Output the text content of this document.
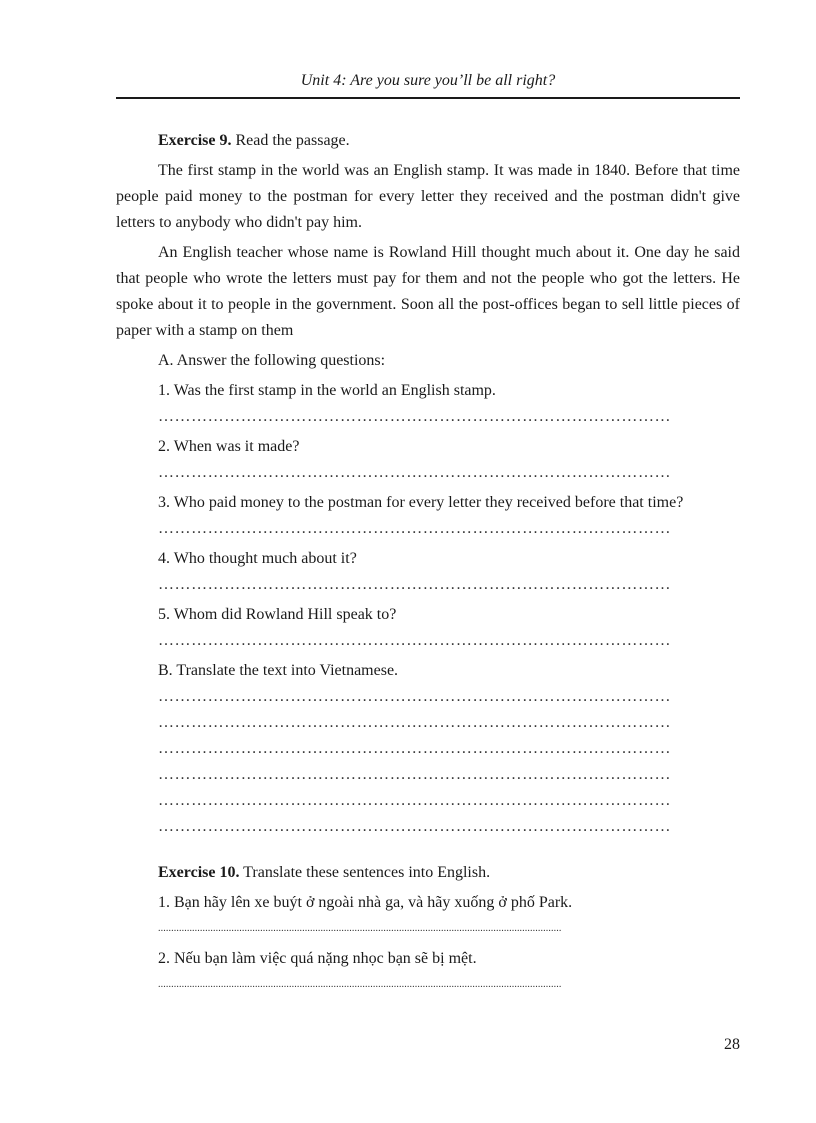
Unit 4: Are you sure you’ll be all right?

Exercise 9. Read the passage.

The first stamp in the world was an English stamp. It was made in 1840. Before that time people paid money to the postman for every letter they received and the postman didn't give letters to anybody who didn't pay him.

An English teacher whose name is Rowland Hill thought much about it. One day he said that people who wrote the letters must pay for them and not the people who got the letters. He spoke about it to people in the government. Soon all the post-offices began to sell little pieces of paper with a stamp on them

A. Answer the following questions:

1. Was the first stamp in the world an English stamp.

…………………………………………………………………………………

2. When was it made?

…………………………………………………………………………………

3. Who paid money to the postman for every letter they received before that time?

…………………………………………………………………………………

4. Who thought much about it?

…………………………………………………………………………………

5. Whom did Rowland Hill speak to?

…………………………………………………………………………………

B. Translate the text into Vietnamese.

…………………………………………………………………………………
…………………………………………………………………………………
…………………………………………………………………………………
…………………………………………………………………………………
…………………………………………………………………………………
…………………………………………………………………………………

Exercise 10. Translate these sentences into English.

1. Bạn hãy lên xe buýt ở ngoài nhà ga, và hãy xuống ở phố Park.

..........................................................................................................................................................

2. Nếu bạn làm việc quá nặng nhọc bạn sẽ bị mệt.

..........................................................................................................................................................
28
